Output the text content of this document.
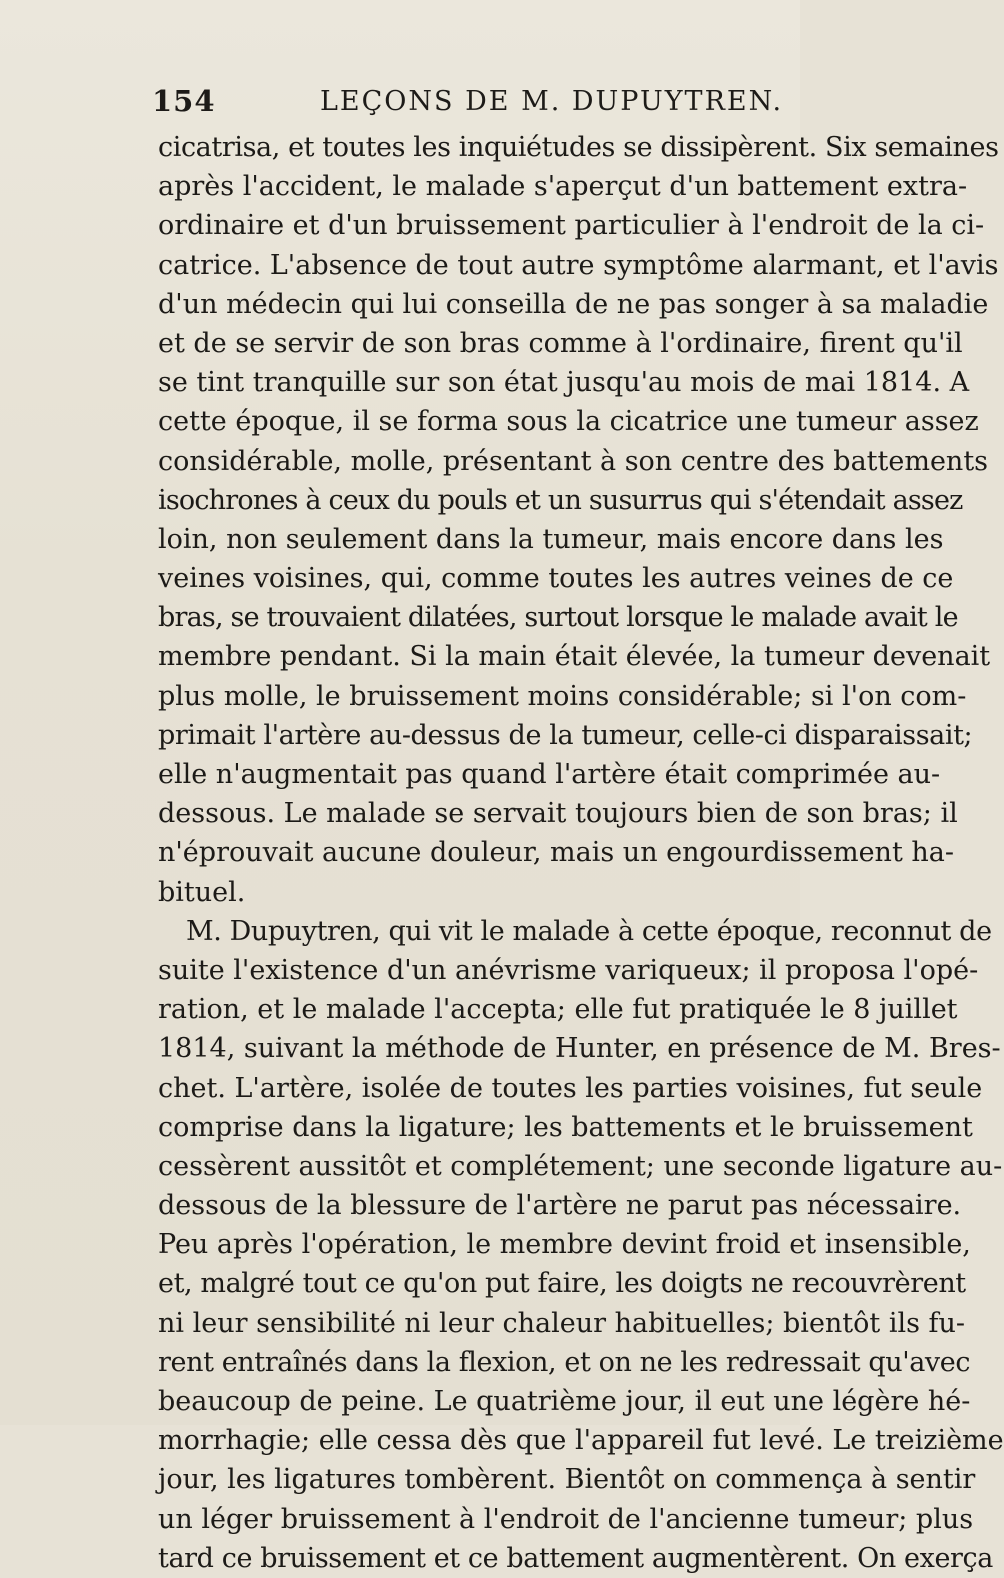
154	LEÇONS DE M. DUPUYTREN.
cicatrisa, et toutes les inquiétudes se dissipèrent. Six semaines
après l'accident, le malade s'aperçut d'un battement extra-
ordinaire et d'un bruissement particulier à l'endroit de la ci-
catrice. L'absence de tout autre symptôme alarmant, et l'avis
d'un médecin qui lui conseilla de ne pas songer à sa maladie
et de se servir de son bras comme à l'ordinaire, firent qu'il
se tint tranquille sur son état jusqu'au mois de mai 1814. A
cette époque, il se forma sous la cicatrice une tumeur assez
considérable, molle, présentant à son centre des battements
isochrones à ceux du pouls et un susurrus qui s'étendait assez
loin, non seulement dans la tumeur, mais encore dans les
veines voisines, qui, comme toutes les autres veines de ce
bras, se trouvaient dilatées, surtout lorsque le malade avait le
membre pendant. Si la main était élevée, la tumeur devenait
plus molle, le bruissement moins considérable; si l'on com-
primait l'artère au-dessus de la tumeur, celle-ci disparaissait;
elle n'augmentait pas quand l'artère était comprimée au-
dessous. Le malade se servait toujours bien de son bras; il
n'éprouvait aucune douleur, mais un engourdissement ha-
bituel.
M. Dupuytren, qui vit le malade à cette époque, reconnut de
suite l'existence d'un anévrisme variqueux; il proposa l'opé-
ration, et le malade l'accepta; elle fut pratiquée le 8 juillet
1814, suivant la méthode de Hunter, en présence de M. Bres-
chet. L'artère, isolée de toutes les parties voisines, fut seule
comprise dans la ligature; les battements et le bruissement
cessèrent aussitôt et complétement; une seconde ligature au-
dessous de la blessure de l'artère ne parut pas nécessaire.
Peu après l'opération, le membre devint froid et insensible,
et, malgré tout ce qu'on put faire, les doigts ne recouvrèrent
ni leur sensibilité ni leur chaleur habituelles; bientôt ils fu-
rent entraînés dans la flexion, et on ne les redressait qu'avec
beaucoup de peine. Le quatrième jour, il eut une légère hé-
morrhagie; elle cessa dès que l'appareil fut levé. Le treizième
jour, les ligatures tombèrent. Bientôt on commença à sentir
un léger bruissement à l'endroit de l'ancienne tumeur; plus
tard ce bruissement et ce battement augmentèrent. On exerça
